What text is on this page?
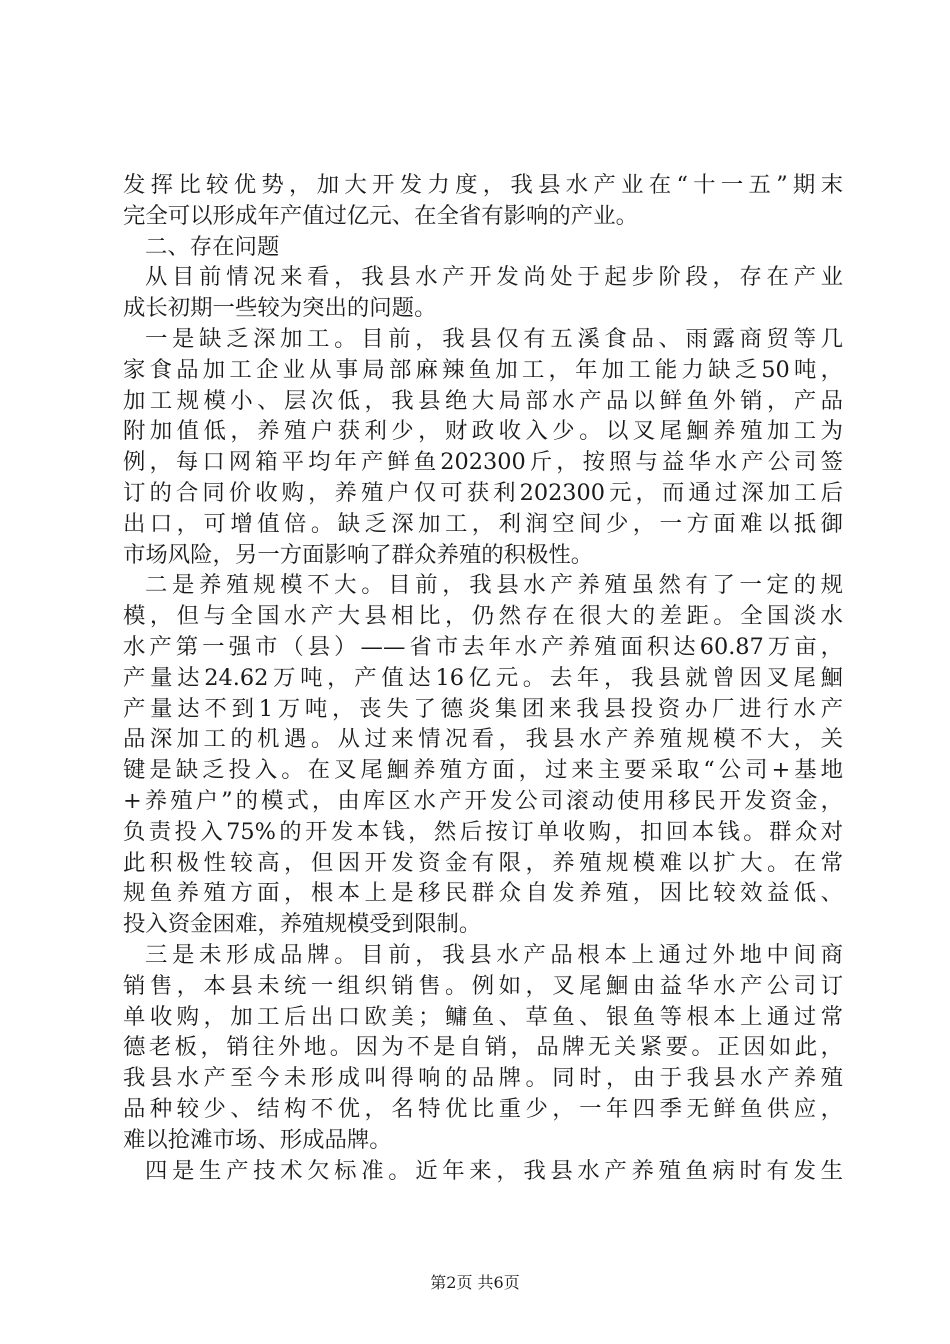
发挥比较优势，加大开发力度，我县水产业在“十一五”期末
完全可以形成年产值过亿元、在全省有影响的产业。
二、存在问题
从目前情况来看，我县水产开发尚处于起步阶段，存在产业
成长初期一些较为突出的问题。
一是缺乏深加工。目前，我县仅有五溪食品、雨露商贸等几
家食品加工企业从事局部麻辣鱼加工，年加工能力缺乏50吨，
加工规模小、层次低，我县绝大局部水产品以鲜鱼外销，产品
附加值低，养殖户获利少，财政收入少。以叉尾鮰养殖加工为
例，每口网箱平均年产鲜鱼202300斤，按照与益华水产公司签
订的合同价收购，养殖户仅可获利202300元，而通过深加工后
出口，可增值倍。缺乏深加工，利润空间少，一方面难以抵御
市场风险，另一方面影响了群众养殖的积极性。
二是养殖规模不大。目前，我县水产养殖虽然有了一定的规
模，但与全国水产大县相比，仍然存在很大的差距。全国淡水
水产第一强市（县）——省市去年水产养殖面积达60.87万亩，
产量达24.62万吨，产值达16亿元。去年，我县就曾因叉尾鮰
产量达不到1万吨，丧失了德炎集团来我县投资办厂进行水产
品深加工的机遇。从过来情况看，我县水产养殖规模不大，关
键是缺乏投入。在叉尾鮰养殖方面，过来主要采取“公司+基地
+养殖户”的模式，由库区水产开发公司滚动使用移民开发资金，
负责投入75%的开发本钱，然后按订单收购，扣回本钱。群众对
此积极性较高，但因开发资金有限，养殖规模难以扩大。在常
规鱼养殖方面，根本上是移民群众自发养殖，因比较效益低、
投入资金困难，养殖规模受到限制。
三是未形成品牌。目前，我县水产品根本上通过外地中间商
销售，本县未统一组织销售。例如，叉尾鮰由益华水产公司订
单收购，加工后出口欧美；鳙鱼、草鱼、银鱼等根本上通过常
德老板，销往外地。因为不是自销，品牌无关紧要。正因如此，
我县水产至今未形成叫得响的品牌。同时，由于我县水产养殖
品种较少、结构不优，名特优比重少，一年四季无鲜鱼供应，
难以抢滩市场、形成品牌。
四是生产技术欠标准。近年来，我县水产养殖鱼病时有发生
第2页 共6页
